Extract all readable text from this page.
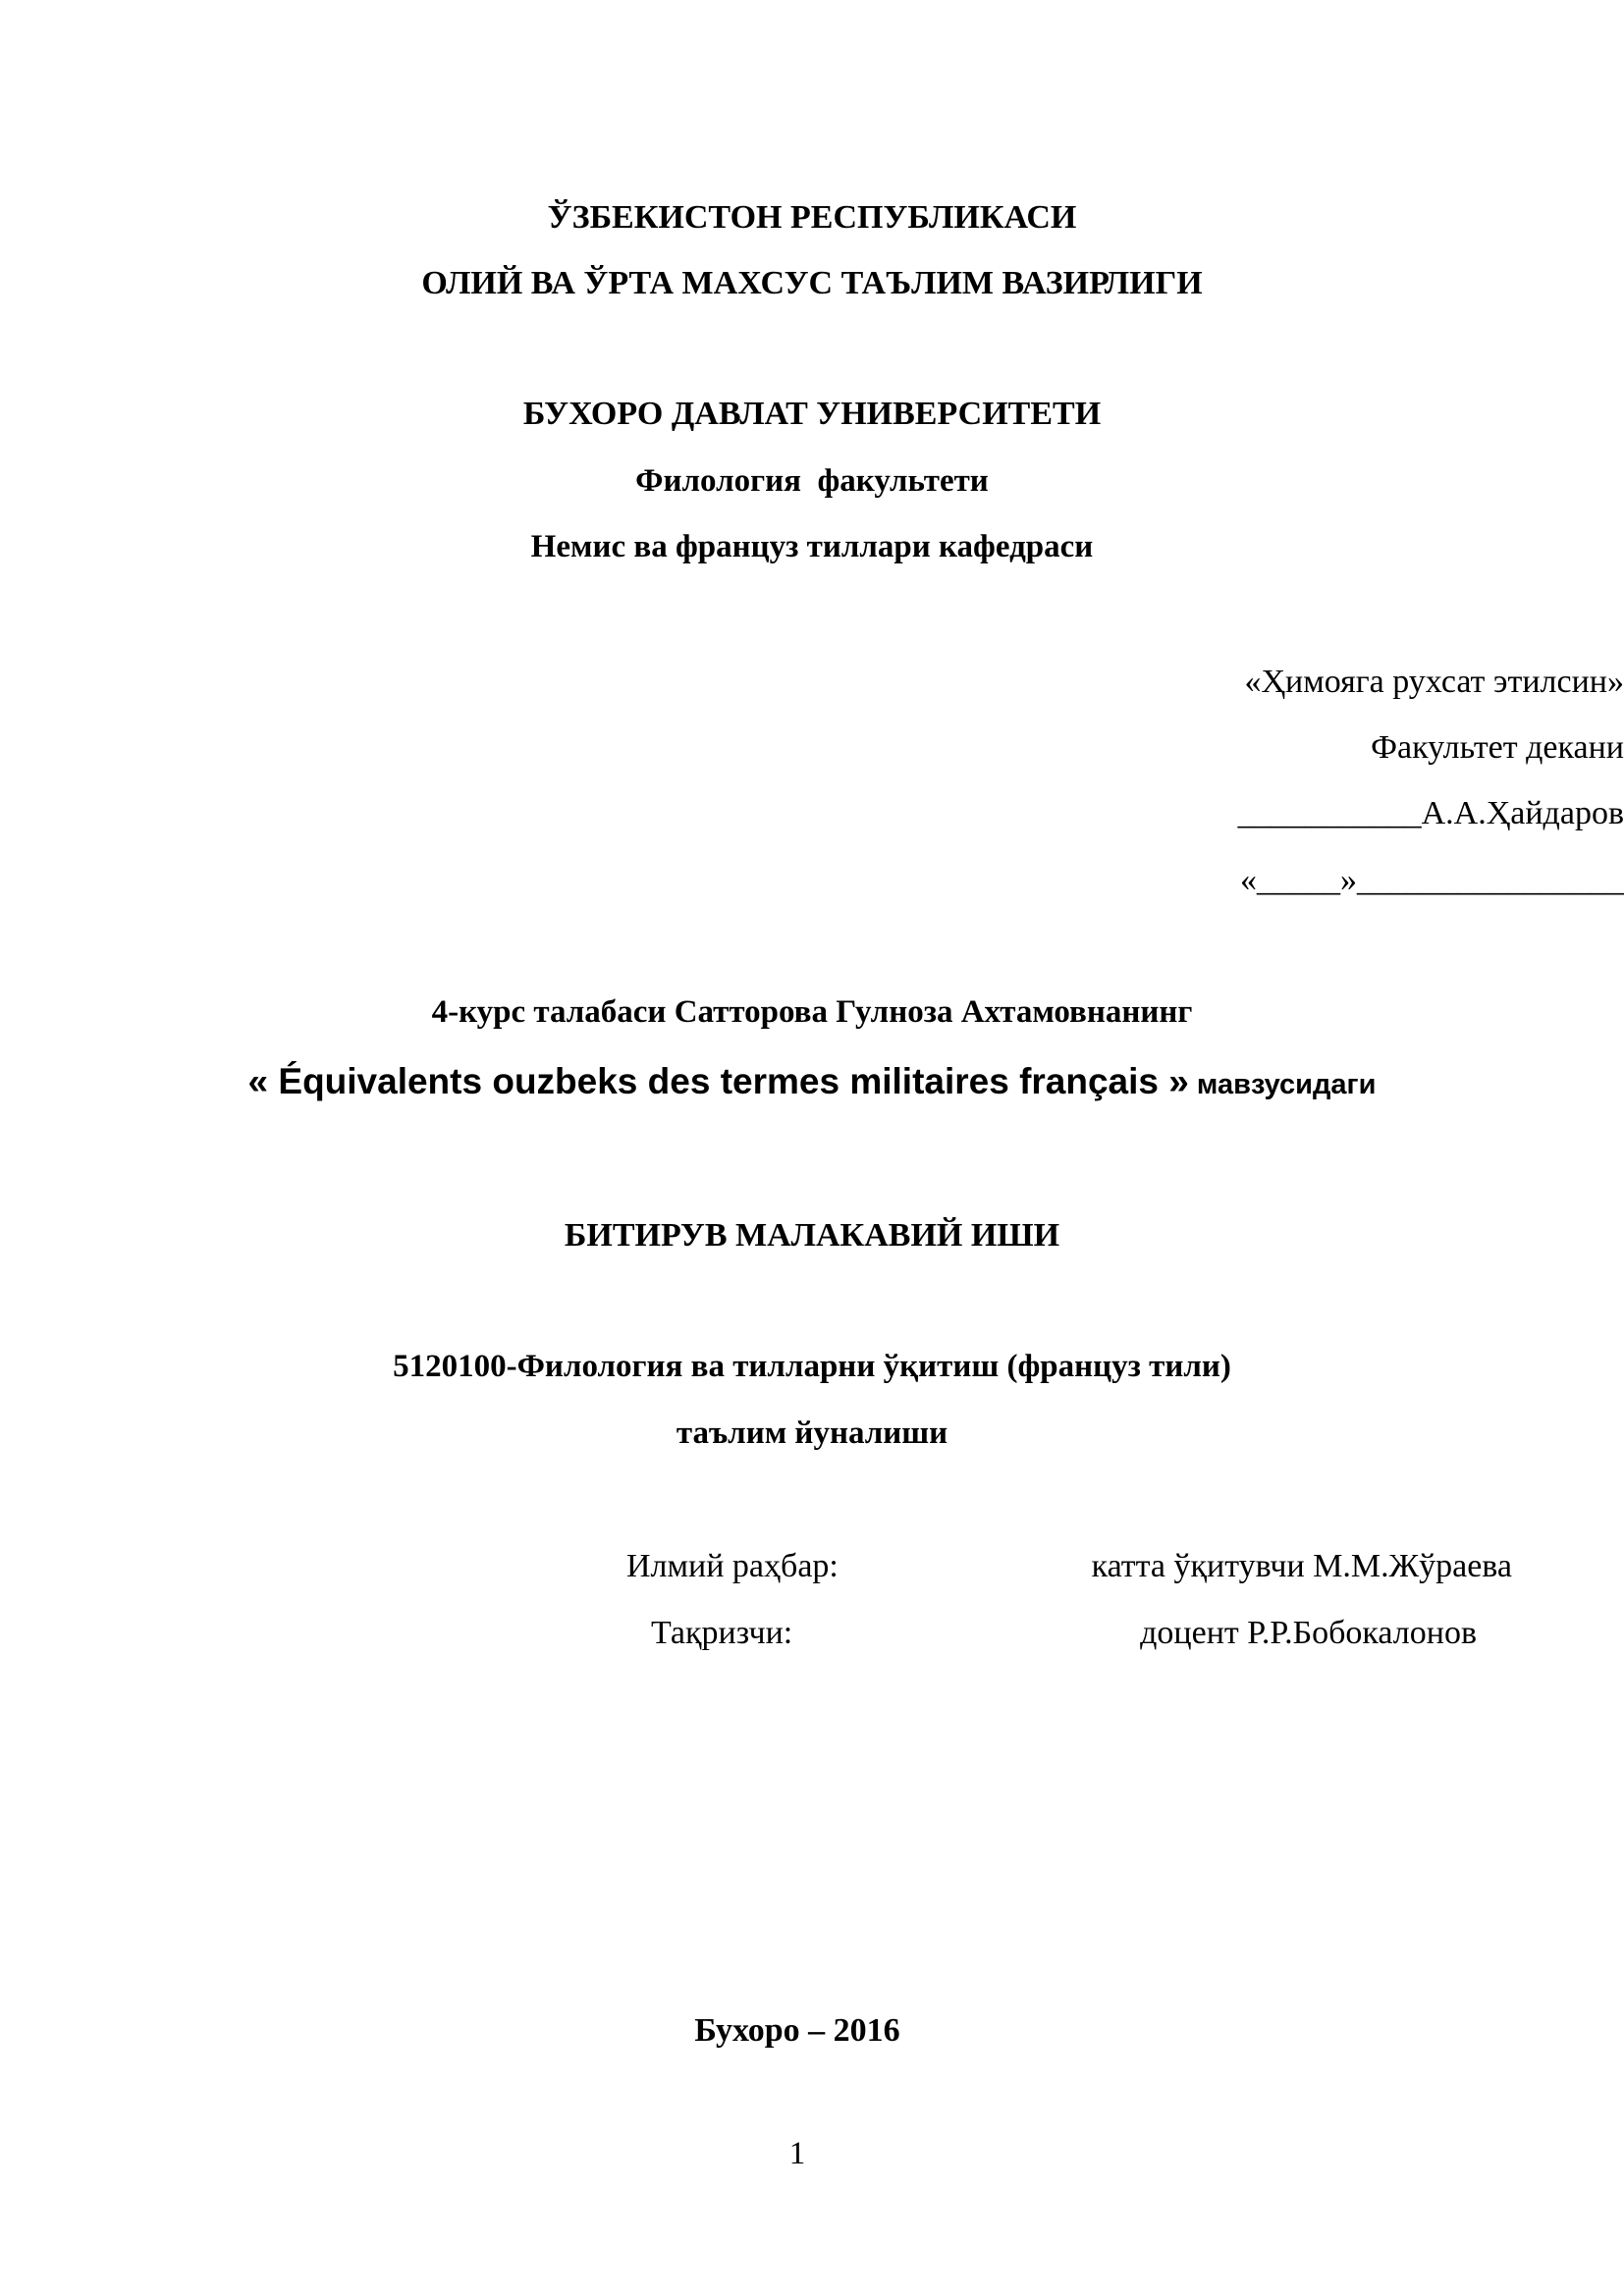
ЎЗБЕКИСТОН РЕСПУБЛИКАСИ
ОЛИЙ ВА ЎРТА МАХСУС ТАЪЛИМ ВАЗИРЛИГИ
БУХОРО ДАВЛАТ УНИВЕРСИТЕТИ
Филология  факультети
Немис ва француз тиллари кафедраси
«Ҳимояга рухсат этилсин»
Факультет декани
___________А.А.Ҳайдаров
«_____»________________
4-курс талабаси Сатторова Гулноза Ахтамовнанинг
« Équivalents ouzbeks des termes militaires français » мавзусидаги
БИТИРУВ МАЛАКАВИЙ ИШИ
5120100-Филология ва тилларни ўқитиш (француз тили)
таълим йуналиши
Илмий раҳбар:	катта ўқитувчи М.М.Жўраева
Тақризчи:	доцент Р.Р.Бобокалонов
Бухоро – 2016
1
